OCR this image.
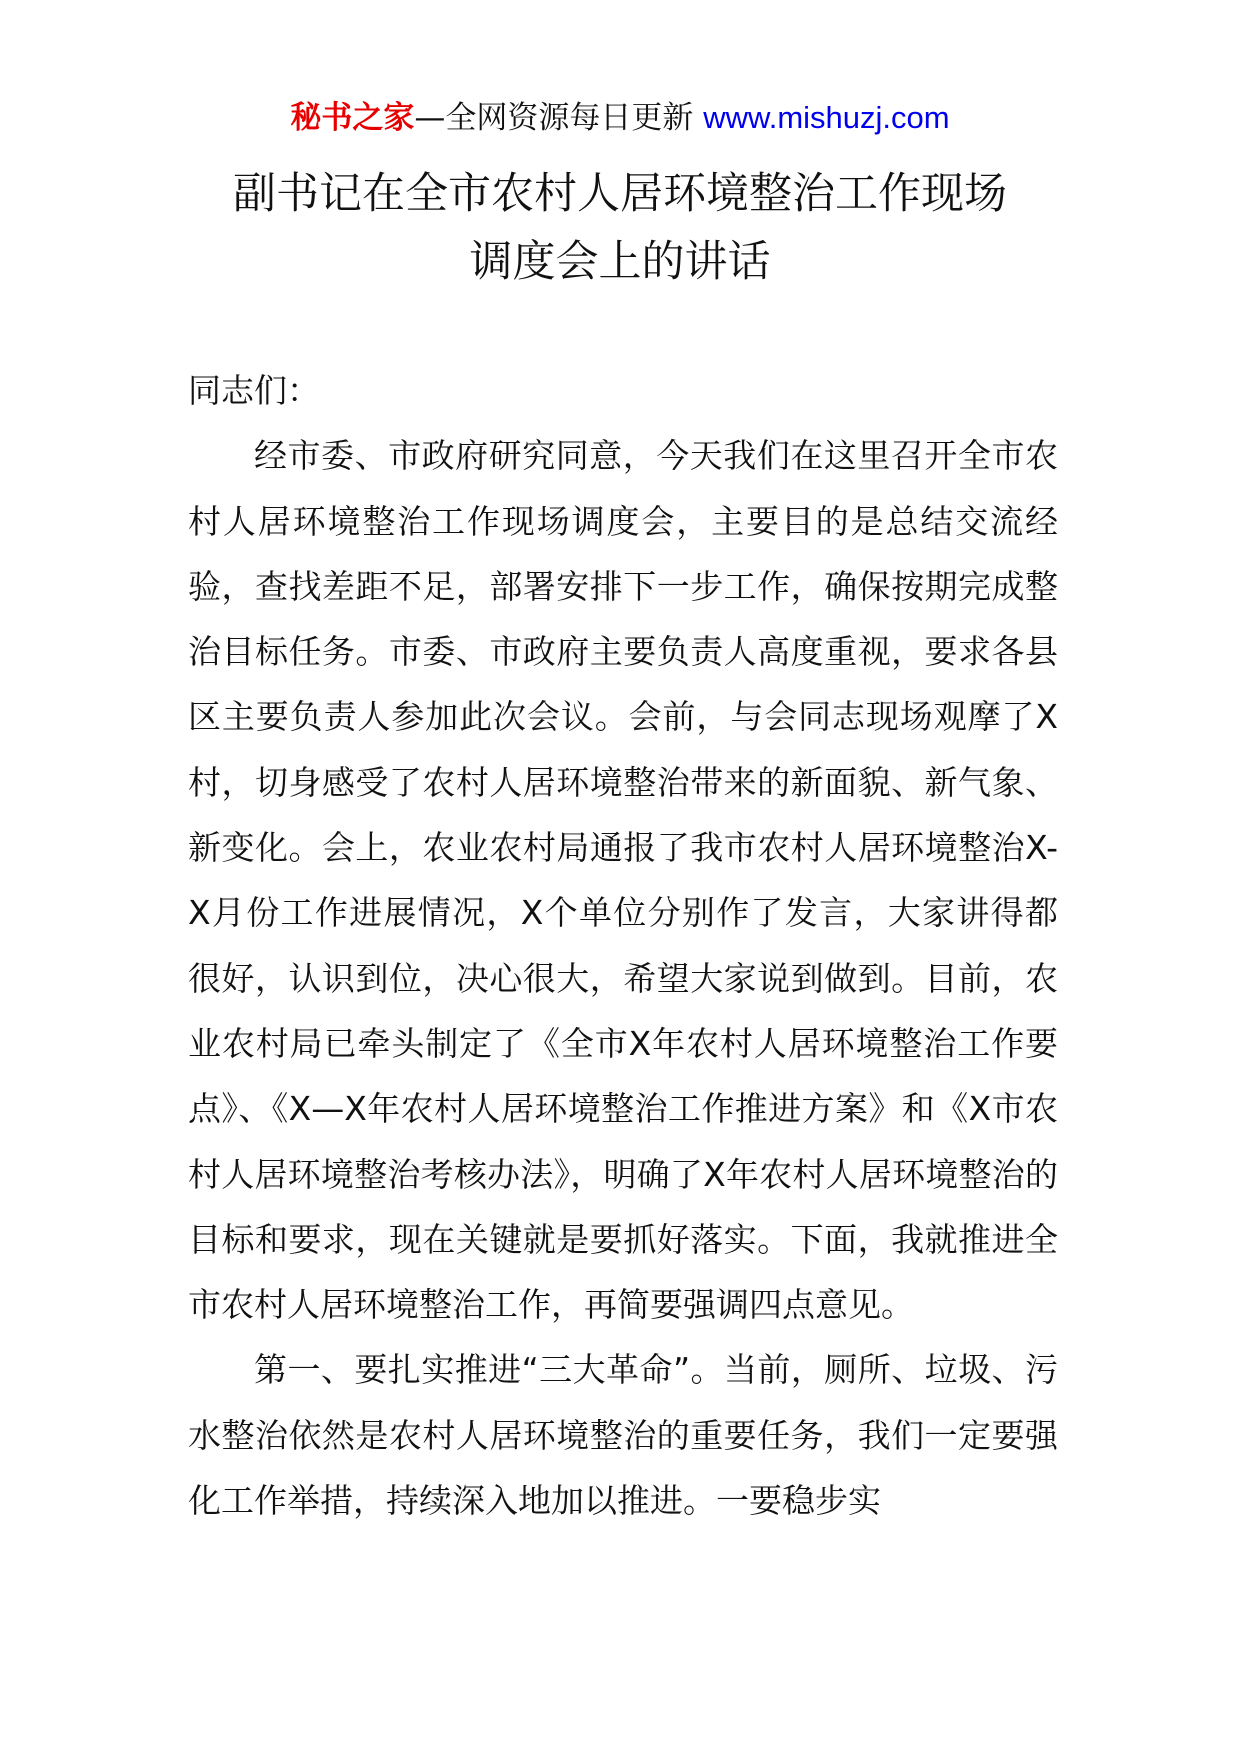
秘书之家—全网资源每日更新 www.mishuzj.com
副书记在全市农村人居环境整治工作现场
调度会上的讲话

同志们：

经市委、市政府研究同意，今天我们在这里召开全市农村人居环境整治工作现场调度会，主要目的是总结交流经验，查找差距不足，部署安排下一步工作，确保按期完成整治目标任务。市委、市政府主要负责人高度重视，要求各县区主要负责人参加此次会议。会前，与会同志现场观摩了X村，切身感受了农村人居环境整治带来的新面貌、新气象、新变化。会上，农业农村局通报了我市农村人居环境整治X-X月份工作进展情况，X个单位分别作了发言，大家讲得都很好，认识到位，决心很大，希望大家说到做到。目前，农业农村局已牵头制定了《全市X年农村人居环境整治工作要点》、《X—X年农村人居环境整治工作推进方案》和《X市农村人居环境整治考核办法》，明确了X年农村人居环境整治的目标和要求，现在关键就是要抓好落实。下面，我就推进全市农村人居环境整治工作，再简要强调四点意见。

第一、要扎实推进“三大革命”。当前，厕所、垃圾、污水整治依然是农村人居环境整治的重要任务，我们一定要强化工作举措，持续深入地加以推进。一要稳步实
